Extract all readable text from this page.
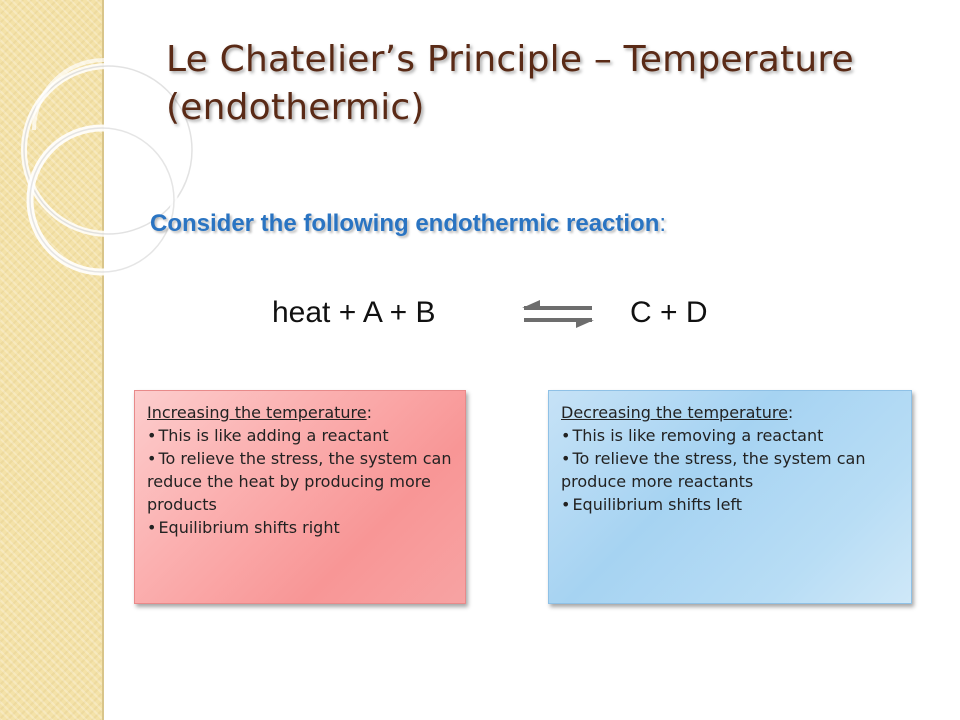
Le Chatelier’s Principle – Temperature (endothermic)

Consider the following endothermic reaction:

heat + A + B	⇌ C + D
Increasing the temperature:
• This is like adding a reactant
• To relieve the stress, the system can reduce the heat by producing more products
• Equilibrium shifts right
Decreasing the temperature:
• This is like removing a reactant
• To relieve the stress, the system can produce more reactants
• Equilibrium shifts left
